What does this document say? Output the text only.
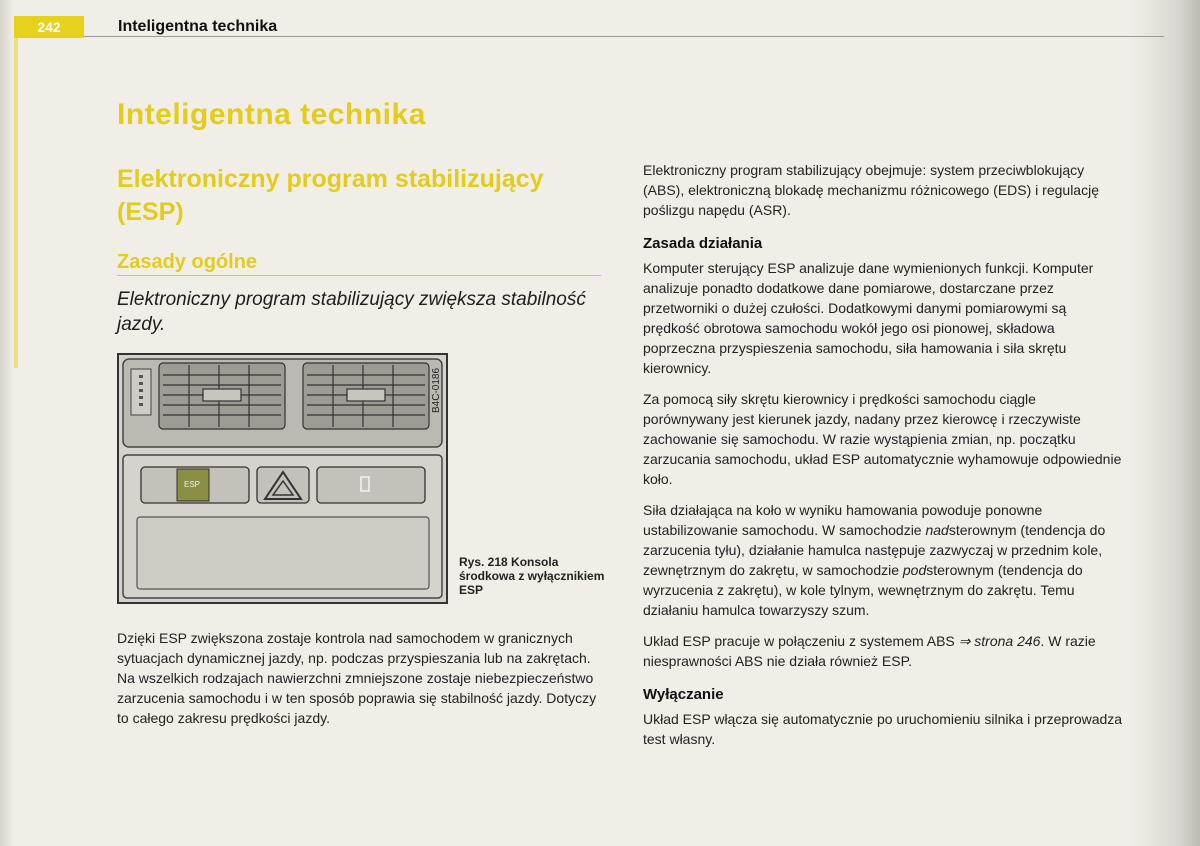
242	Inteligentna technika
Inteligentna technika
Elektroniczny program stabilizujący (ESP)
Zasady ogólne
Elektroniczny program stabilizujący zwiększa stabilność jazdy.
ESP
B4C-0186
Rys. 218 Konsola środkowa z wyłącznikiem ESP
Dzięki ESP zwiększona zostaje kontrola nad samochodem w granicznych sytuacjach dynamicznej jazdy, np. podczas przyspieszania lub na zakrętach. Na wszelkich rodzajach nawierzchni zmniejszone zostaje niebezpieczeństwo zarzucenia samochodu i w ten sposób poprawia się stabilność jazdy. Dotyczy to całego zakresu prędkości jazdy.

Elektroniczny program stabilizujący obejmuje: system przeciwblokujący (ABS), elektroniczną blokadę mechanizmu różnicowego (EDS) i regulację poślizgu napędu (ASR).

Zasada działania

Komputer sterujący ESP analizuje dane wymienionych funkcji. Komputer analizuje ponadto dodatkowe dane pomiarowe, dostarczane przez przetworniki o dużej czułości. Dodatkowymi danymi pomiarowymi są prędkość obrotowa samochodu wokół jego osi pionowej, składowa poprzeczna przyspieszenia samochodu, siła hamowania i siła skrętu kierownicy.

Za pomocą siły skrętu kierownicy i prędkości samochodu ciągle porównywany jest kierunek jazdy, nadany przez kierowcę i rzeczywiste zachowanie się samochodu. W razie wystąpienia zmian, np. początku zarzucania samochodu, układ ESP automatycznie wyhamowuje odpowiednie koło.

Siła działająca na koło w wyniku hamowania powoduje ponowne ustabilizowanie samochodu. W samochodzie nadsterownym (tendencja do zarzucenia tyłu), działanie hamulca następuje zazwyczaj w przednim kole, zewnętrznym do zakrętu, w samochodzie podsterownym (tendencja do wyrzucenia z zakrętu), w kole tylnym, wewnętrznym do zakrętu. Temu działaniu hamulca towarzyszy szum.

Układ ESP pracuje w połączeniu z systemem ABS ⇒ strona 246. W razie niesprawności ABS nie działa również ESP.

Wyłączanie

Układ ESP włącza się automatycznie po uruchomieniu silnika i przeprowadza test własny.
